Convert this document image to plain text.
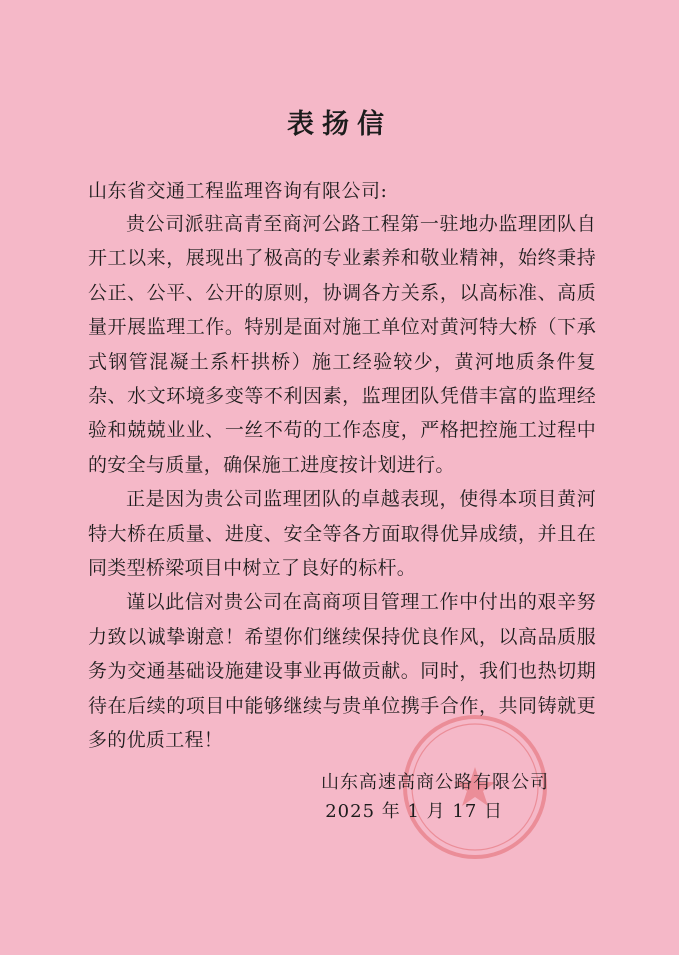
表扬信
山东省交通工程监理咨询有限公司:

贵公司派驻高青至商河公路工程第一驻地办监理团队自开工以来，展现出了极高的专业素养和敬业精神，始终秉持公正、公平、公开的原则，协调各方关系，以高标准、高质量开展监理工作。特别是面对施工单位对黄河特大桥（下承式钢管混凝土系杆拱桥）施工经验较少，黄河地质条件复杂、水文环境多变等不利因素，监理团队凭借丰富的监理经验和兢兢业业、一丝不苟的工作态度，严格把控施工过程中的安全与质量，确保施工进度按计划进行。

正是因为贵公司监理团队的卓越表现，使得本项目黄河特大桥在质量、进度、安全等各方面取得优异成绩，并且在同类型桥梁项目中树立了良好的标杆。

谨以此信对贵公司在高商项目管理工作中付出的艰辛努力致以诚挚谢意！希望你们继续保持优良作风，以高品质服务为交通基础设施建设事业再做贡献。同时，我们也热切期待在后续的项目中能够继续与贵单位携手合作，共同铸就更多的优质工程！

山东高速高商公路有限公司
2025 年 1 月 17 日
